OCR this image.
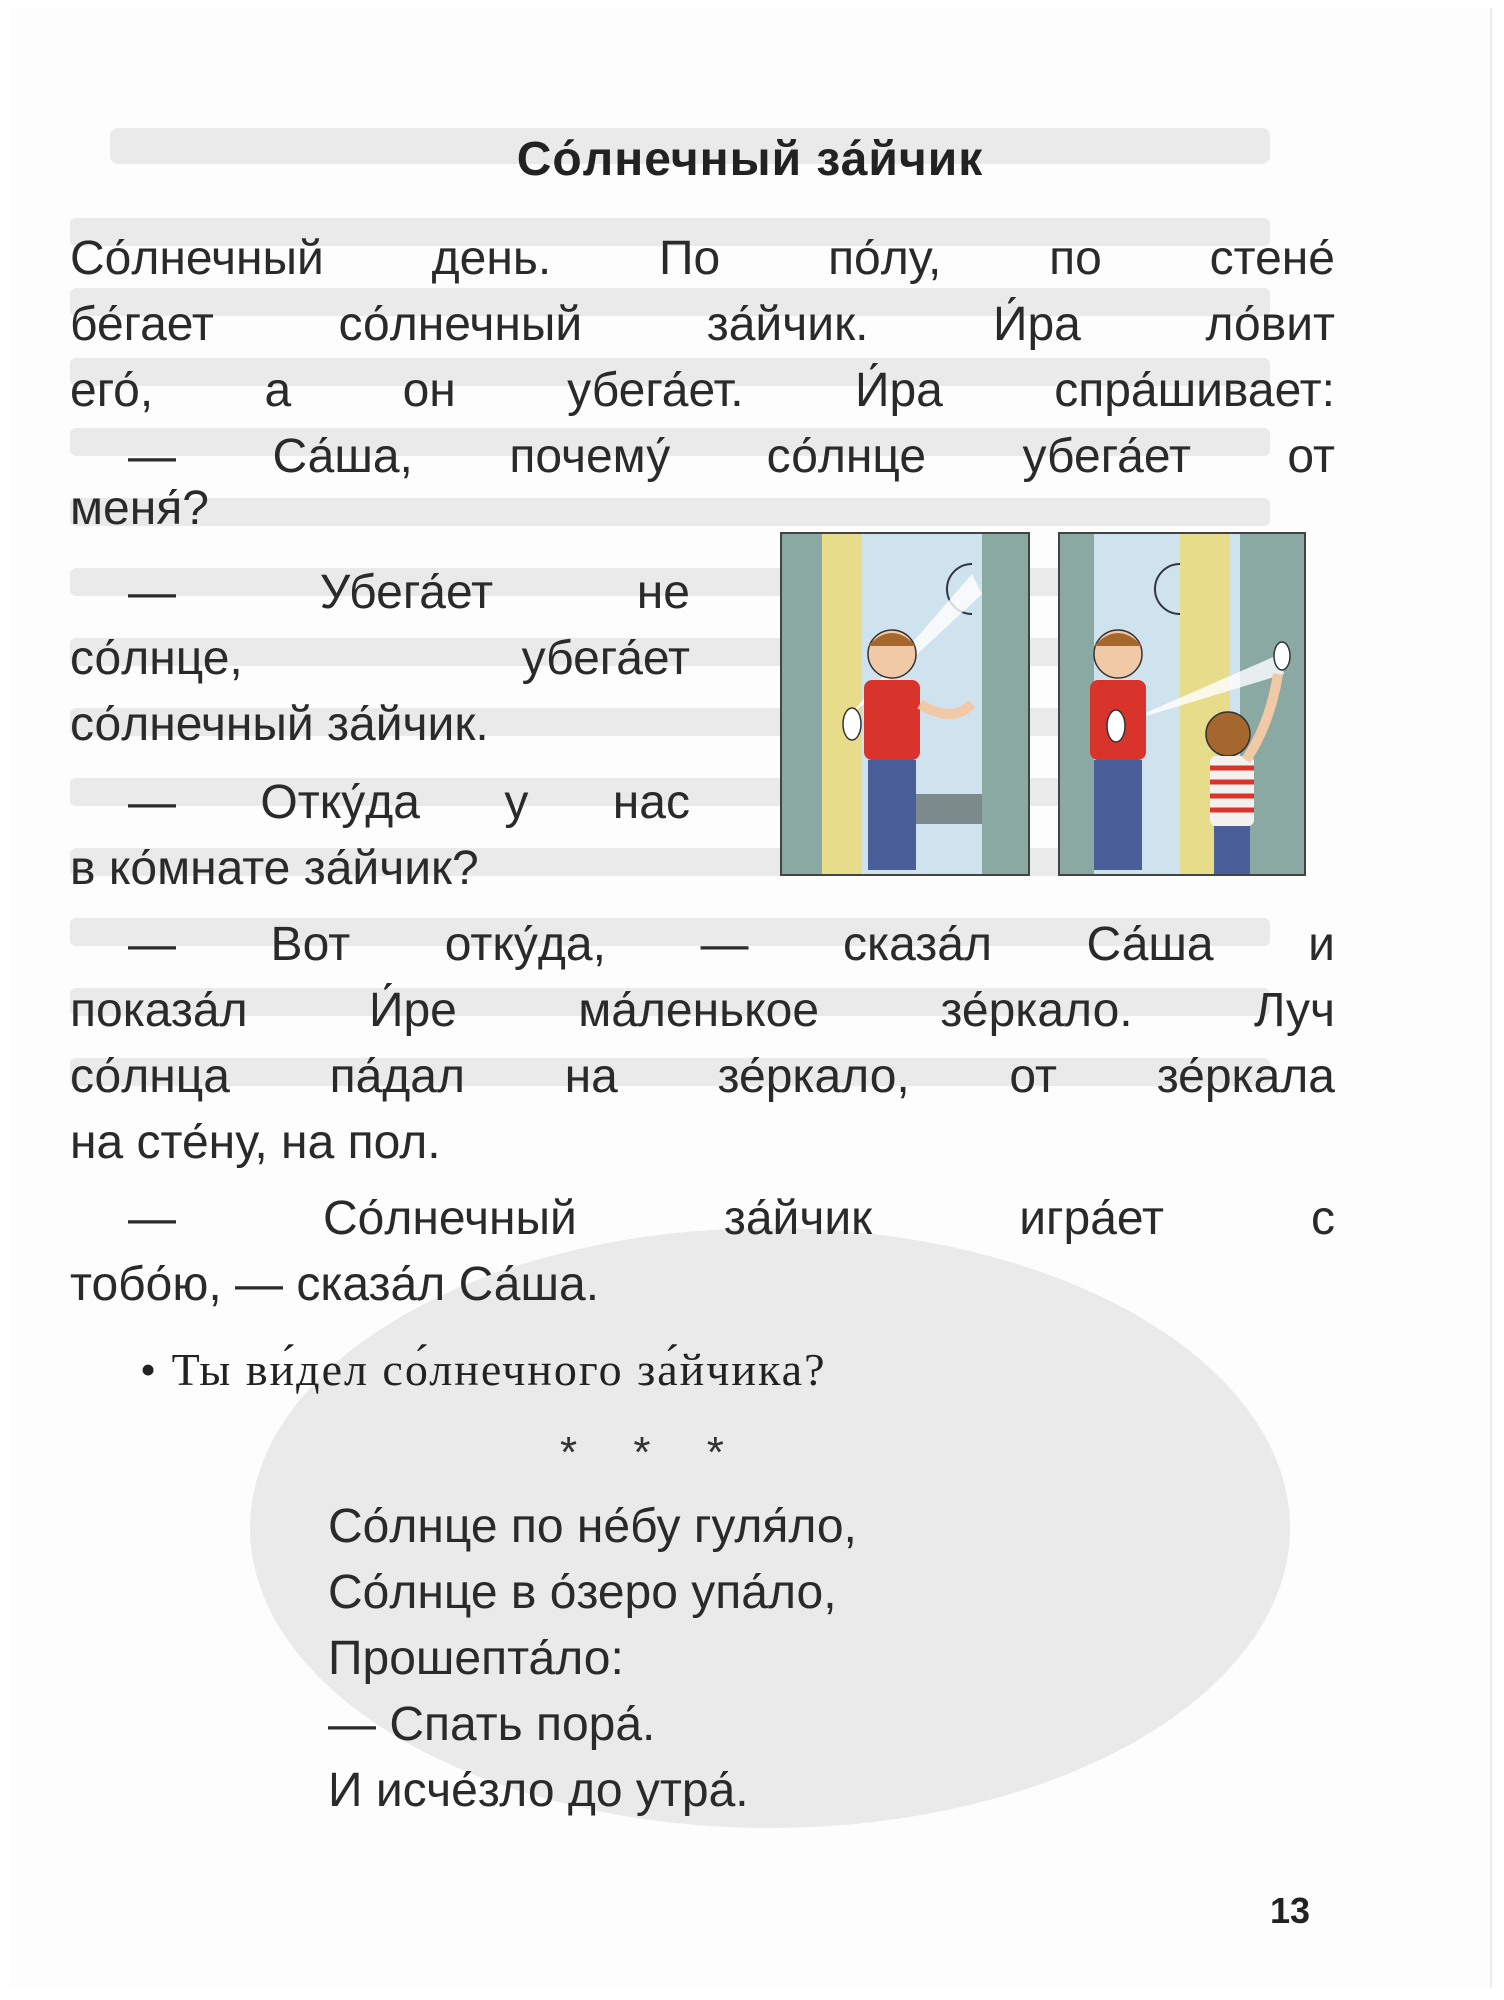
Со́лнечный за́йчик
Со́лнечный день. По по́лу, по стене́
бе́гает со́лнечный за́йчик. И́ра ло́вит
его́, а он убега́ет. И́ра спра́шивает:
— Са́ша, почему́ со́лнце убега́ет от
меня́?
— Убега́ет не
со́лнце, убега́ет
со́лнечный за́йчик.
— Отку́да у нас
в ко́мнате за́йчик?
— Вот отку́да, — сказа́л Са́ша и
показа́л И́ре ма́ленькое зе́ркало. Луч
со́лнца па́дал на зе́ркало, от зе́ркала
на сте́ну, на пол.
— Со́лнечный за́йчик игра́ет с
тобо́ю, — сказа́л Са́ша.
• Ты ви́дел со́лнечного за́йчика?
* * *
Со́лнце по не́бу гуля́ло,
Со́лнце в о́зеро упа́ло,
Прошепта́ло:
— Спать пора́.
И исче́зло до утра́.
13
